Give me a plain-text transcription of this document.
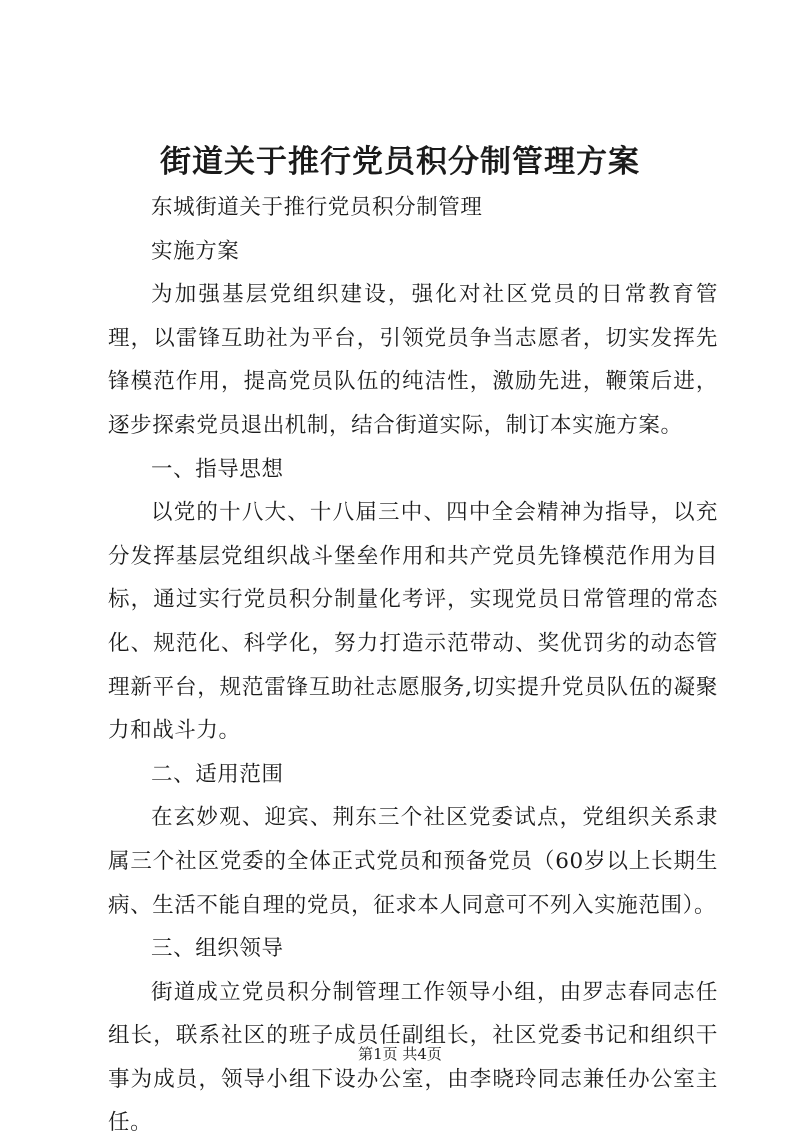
街道关于推行党员积分制管理方案

东城街道关于推行党员积分制管理

实施方案

为加强基层党组织建设，强化对社区党员的日常教育管理，以雷锋互助社为平台，引领党员争当志愿者，切实发挥先锋模范作用，提高党员队伍的纯洁性，激励先进，鞭策后进，逐步探索党员退出机制，结合街道实际，制订本实施方案。

一、指导思想

以党的十八大、十八届三中、四中全会精神为指导，以充分发挥基层党组织战斗堡垒作用和共产党员先锋模范作用为目标，通过实行党员积分制量化考评，实现党员日常管理的常态化、规范化、科学化，努力打造示范带动、奖优罚劣的动态管理新平台，规范雷锋互助社志愿服务,切实提升党员队伍的凝聚力和战斗力。

二、适用范围

在玄妙观、迎宾、荆东三个社区党委试点，党组织关系隶属三个社区党委的全体正式党员和预备党员（60岁以上长期生病、生活不能自理的党员，征求本人同意可不列入实施范围）。

三、组织领导

街道成立党员积分制管理工作领导小组，由罗志春同志任组长，联系社区的班子成员任副组长，社区党委书记和组织干事为成员，领导小组下设办公室，由李晓玲同志兼任办公室主任。

第1页 共4页
